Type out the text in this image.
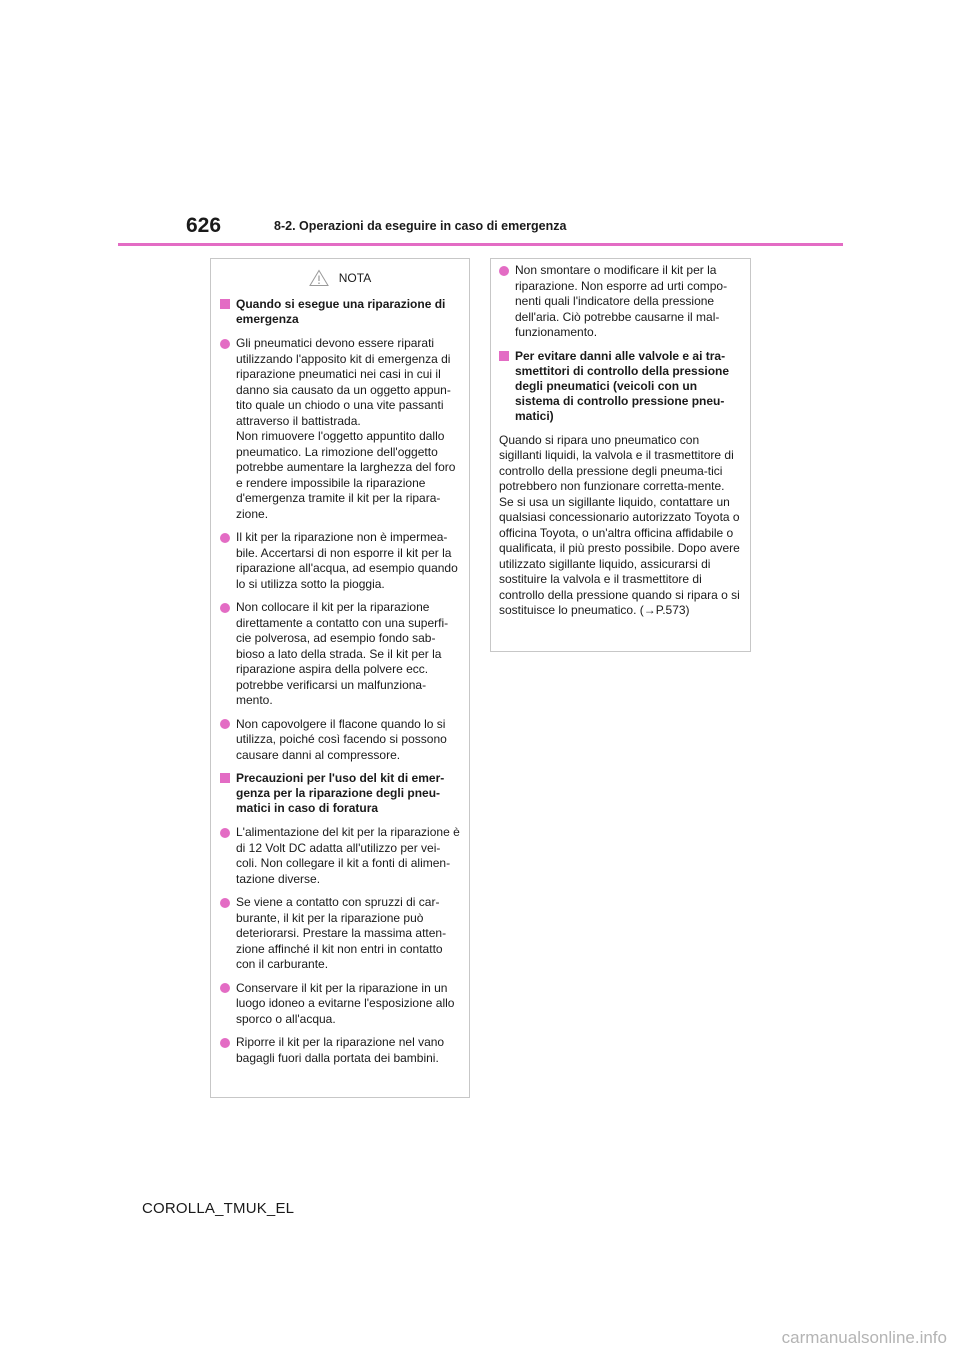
626	8-2. Operazioni da eseguire in caso di emergenza
NOTA
Quando si esegue una riparazione di emergenza
Gli pneumatici devono essere riparati utilizzando l'apposito kit di emergenza di riparazione pneumatici nei casi in cui il danno sia causato da un oggetto appun-tito quale un chiodo o una vite passanti attraverso il battistrada.
Non rimuovere l'oggetto appuntito dallo pneumatico. La rimozione dell'oggetto potrebbe aumentare la larghezza del foro e rendere impossibile la riparazione d'emergenza tramite il kit per la ripara-zione.
Il kit per la riparazione non è impermea-bile. Accertarsi di non esporre il kit per la riparazione all'acqua, ad esempio quando lo si utilizza sotto la pioggia.
Non collocare il kit per la riparazione direttamente a contatto con una superfi-cie polverosa, ad esempio fondo sab-bioso a lato della strada. Se il kit per la riparazione aspira della polvere ecc. potrebbe verificarsi un malfunziona-mento.
Non capovolgere il flacone quando lo si utilizza, poiché così facendo si possono causare danni al compressore.
Precauzioni per l'uso del kit di emer-genza per la riparazione degli pneu-matici in caso di foratura
L'alimentazione del kit per la riparazione è di 12 Volt DC adatta all'utilizzo per vei-coli. Non collegare il kit a fonti di alimen-tazione diverse.
Se viene a contatto con spruzzi di car-burante, il kit per la riparazione può deteriorarsi. Prestare la massima atten-zione affinché il kit non entri in contatto con il carburante.
Conservare il kit per la riparazione in un luogo idoneo a evitarne l'esposizione allo sporco o all'acqua.
Riporre il kit per la riparazione nel vano bagagli fuori dalla portata dei bambini.
Non smontare o modificare il kit per la riparazione. Non esporre ad urti compo-nenti quali l'indicatore della pressione dell'aria. Ciò potrebbe causarne il mal-funzionamento.
Per evitare danni alle valvole e ai tra-smettitori di controllo della pressione degli pneumatici (veicoli con un sistema di controllo pressione pneu-matici)

Quando si ripara uno pneumatico con sigillanti liquidi, la valvola e il trasmettitore di controllo della pressione degli pneuma-tici potrebbero non funzionare corretta-mente. Se si usa un sigillante liquido, contattare un qualsiasi concessionario autorizzato Toyota o officina Toyota, o un'altra officina affidabile o qualificata, il più presto possibile. Dopo avere utilizzato sigillante liquido, assicurarsi di sostituire la valvola e il trasmettitore di controllo della pressione quando si ripara o si sostituisce lo pneumatico. (→P.573)

COROLLA_TMUK_EL
carmanualsonline.info
